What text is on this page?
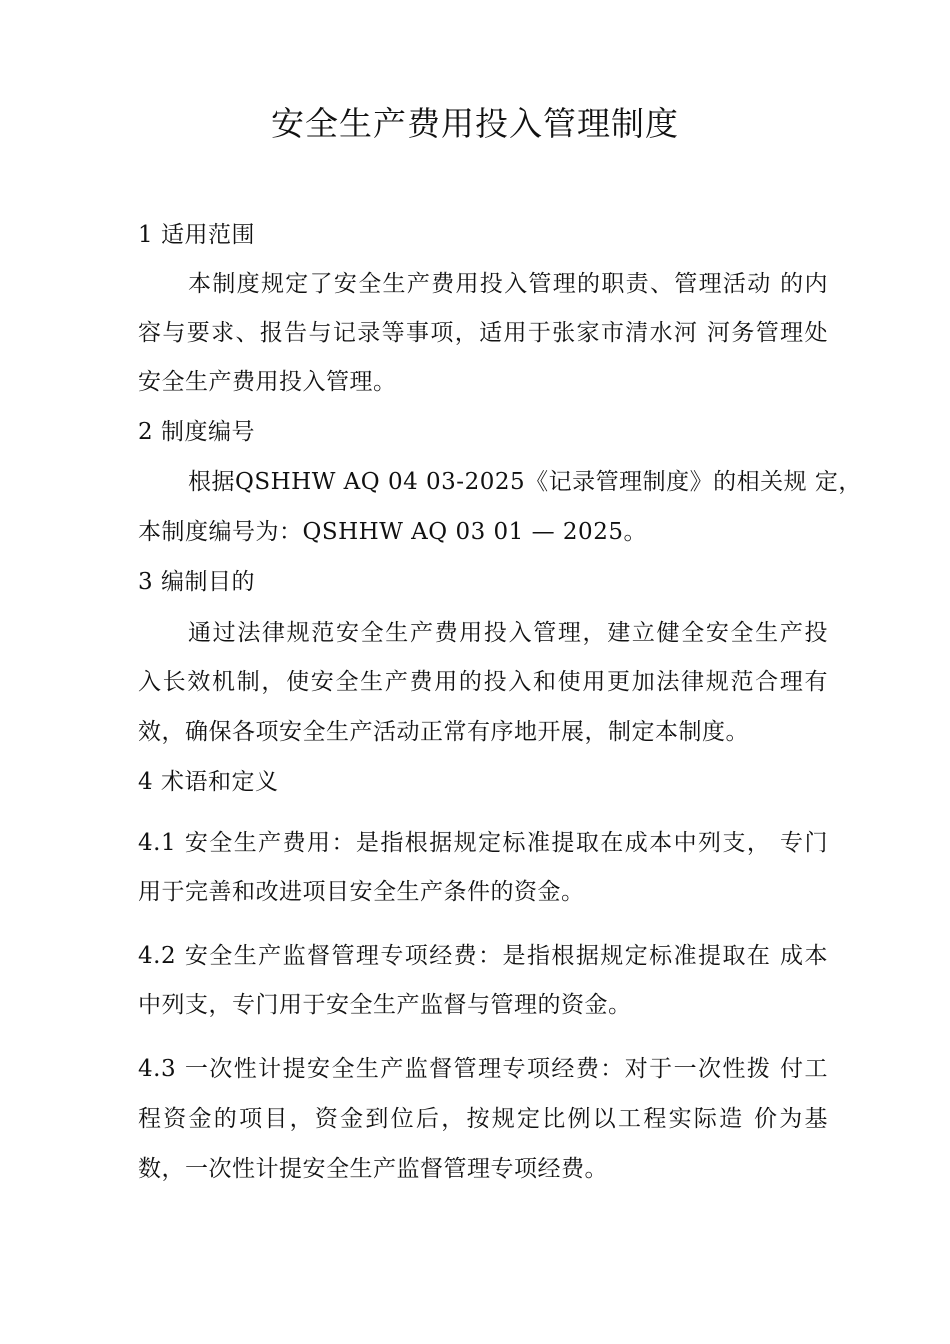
安全生产费用投入管理制度

1 适用范围

本制度规定了安全生产费用投入管理的职责、管理活动 的内

容与要求、报告与记录等事项，适用于张家市清水河 河务管理处

安全生产费用投入管理。

2 制度编号

根据QSHHW AQ 04 03-2025《记录管理制度》的相关规 定，

本制度编号为：QSHHW AQ 03 01 — 2025。

3 编制目的

通过法律规范安全生产费用投入管理，建立健全安全生产投

入长效机制，使安全生产费用的投入和使用更加法律规范合理有

效，确保各项安全生产活动正常有序地开展，制定本制度。

4 术语和定义

4.1 安全生产费用：是指根据规定标准提取在成本中列支， 专门

用于完善和改进项目安全生产条件的资金。

4.2 安全生产监督管理专项经费：是指根据规定标准提取在 成本

中列支，专门用于安全生产监督与管理的资金。

4.3 一次性计提安全生产监督管理专项经费：对于一次性拨 付工

程资金的项目，资金到位后，按规定比例以工程实际造 价为基

数，一次性计提安全生产监督管理专项经费。
